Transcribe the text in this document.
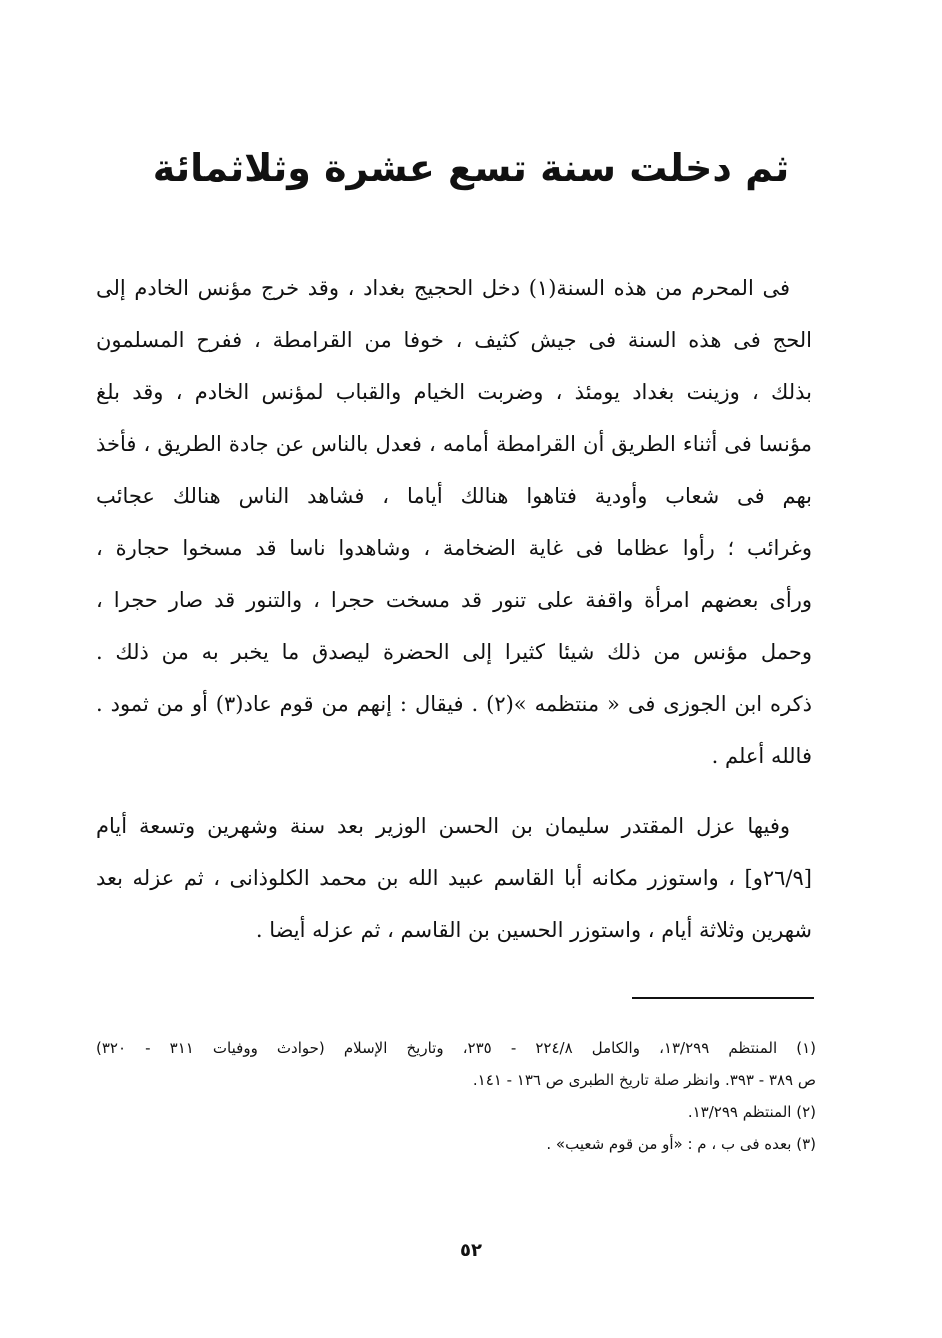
ثم دخلت سنة تسع عشرة وثلاثمائة
فى المحرم من هذه السنة(١) دخل الحجيج بغداد ، وقد خرج مؤنس الخادم إلى
الحج فى هذه السنة فى جيش كثيف ، خوفا من القرامطة ، ففرح المسلمون
بذلك ، وزينت بغداد يومئذ ، وضربت الخيام والقباب لمؤنس الخادم ، وقد بلغ
مؤنسا فى أثناء الطريق أن القرامطة أمامه ، فعدل بالناس عن جادة الطريق ، فأخذ
بهم فى شعاب وأودية فتاهوا هنالك أياما ، فشاهد الناس هنالك عجائب
وغرائب ؛ رأوا عظاما فى غاية الضخامة ، وشاهدوا ناسا قد مسخوا حجارة ،
ورأى بعضهم امرأة واقفة على تنور قد مسخت حجرا ، والتنور قد صار حجرا ،
وحمل مؤنس من ذلك شيئا كثيرا إلى الحضرة ليصدق ما يخبر به من ذلك .
ذكره ابن الجوزى فى « منتظمه »(٢) . فيقال : إنهم من قوم عاد(٣) أو من ثمود .
فالله أعلم .
وفيها عزل المقتدر سليمان بن الحسن الوزير بعد سنة وشهرين وتسعة أيام
[٢٦/٩و] ، واستوزر مكانه أبا القاسم عبيد الله بن محمد الكلوذانى ، ثم عزله بعد
شهرين وثلاثة أيام ، واستوزر الحسين بن القاسم ، ثم عزله أيضا .
(١) المنتظم ١٣/٢٩٩، والكامل ٢٢٤/٨ - ٢٣٥، وتاريخ الإسلام (حوادث ووفيات ٣١١ - ٣٢٠)
ص ٣٨٩ - ٣٩٣. وانظر صلة تاريخ الطبرى ص ١٣٦ - ١٤١.
(٢) المنتظم ١٣/٢٩٩.
(٣) بعده فى ب ، م : «أو من قوم شعيب» .
٥٢
